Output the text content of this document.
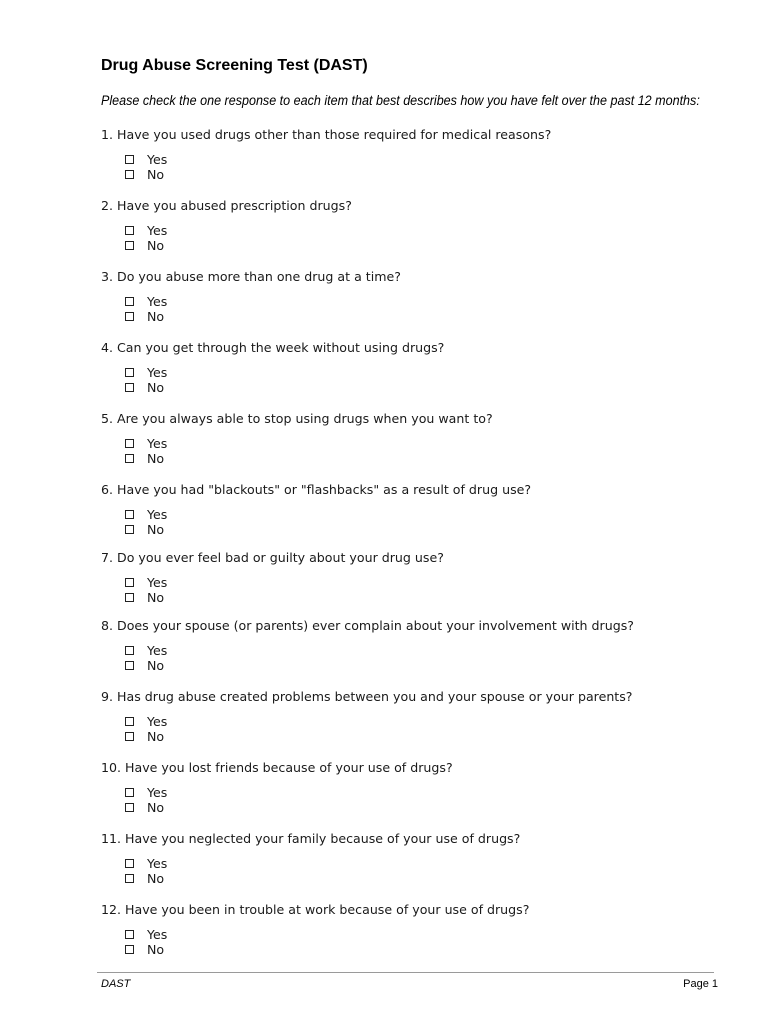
Drug Abuse Screening Test (DAST)
Please check the one response to each item that best describes how you have felt over the past 12 months:
1. Have you used drugs other than those required for medical reasons?
Yes
No
2. Have you abused prescription drugs?
Yes
No
3. Do you abuse more than one drug at a time?
Yes
No
4. Can you get through the week without using drugs?
Yes
No
5. Are you always able to stop using drugs when you want to?
Yes
No
6. Have you had "blackouts" or "flashbacks" as a result of drug use?
Yes
No
7. Do you ever feel bad or guilty about your drug use?
Yes
No
8. Does your spouse (or parents) ever complain about your involvement with drugs?
Yes
No
9. Has drug abuse created problems between you and your spouse or your parents?
Yes
No
10. Have you lost friends because of your use of drugs?
Yes
No
11. Have you neglected your family because of your use of drugs?
Yes
No
12. Have you been in trouble at work because of your use of drugs?
Yes
No
DAST	Page 1
